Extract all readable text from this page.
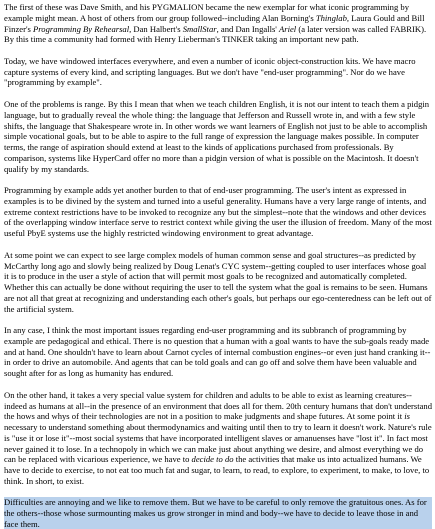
The first of these was Dave Smith, and his PYGMALION became the new exemplar for what iconic programming by example might mean. A host of others from our group followed--including Alan Borning's Thinglab, Laura Gould and Bill Finzer's Programming By Rehearsal, Dan Halbert's SmallStar, and Dan Ingalls' Ariel (a later version was called FABRIK). By this time a community had formed with Henry Lieberman's TINKER taking an important new path.

Today, we have windowed interfaces everywhere, and even a number of iconic object-construction kits. We have macro capture systems of every kind, and scripting languages. But we don't have "end-user programming". Nor do we have "programming by example".

One of the problems is range. By this I mean that when we teach children English, it is not our intent to teach them a pidgin language, but to gradually reveal the whole thing: the language that Jefferson and Russell wrote in, and with a few style shifts, the language that Shakespeare wrote in. In other words we want learners of English not just to be able to accomplish simple vocational goals, but to be able to aspire to the full range of expression the language makes possible. In computer terms, the range of aspiration should extend at least to the kinds of applications purchased from professionals. By comparison, systems like HyperCard offer no more than a pidgin version of what is possible on the Macintosh. It doesn't qualify by my standards.

Programming by example adds yet another burden to that of end-user programming. The user's intent as expressed in examples is to be divined by the system and turned into a useful generality. Humans have a very large range of intents, and extreme context restrictions have to be invoked to recognize any but the simplest--note that the windows and other devices of the overlapping window interface serve to restrict context while giving the user the illusion of freedom. Many of the most useful PbyE systems use the highly restricted windowing environment to great advantage.

At some point we can expect to see large complex models of human common sense and goal structures--as predicted by McCarthy long ago and slowly being realized by Doug Lenat's CYC system--getting coupled to user interfaces whose goal it is to produce in the user a style of action that will permit most goals to be recognized and automatically completed. Whether this can actually be done without requiring the user to tell the system what the goal is remains to be seen. Humans are not all that great at recognizing and understanding each other's goals, but perhaps our ego-centeredness can be left out of the artificial system.

In any case, I think the most important issues regarding end-user programming and its subbranch of programming by example are pedagogical and ethical. There is no question that a human with a goal wants to have the sub-goals ready made and at hand. One shouldn't have to learn about Carnot cycles of internal combustion engines--or even just hand cranking it--in order to drive an automobile. And agents that can be told goals and can go off and solve them have been valuable and sought after for as long as humanity has endured.

On the other hand, it takes a very special value system for children and adults to be able to exist as learning creatures--indeed as humans at all--in the presence of an environment that does all for them. 20th century humans that don't understand the hows and whys of their technologies are not in a position to make judgments and shape futures. At some point it is necessary to understand something about thermodynamics and waiting until then to try to learn it doesn't work. Nature's rule is "use it or lose it"--most social systems that have incorporated intelligent slaves or amanuenses have "lost it". In fact most never gained it to lose. In a technopoly in which we can make just about anything we desire, and almost everything we do can be replaced with vicarious experience, we have to decide to do the activities that make us into actualized humans. We have to decide to exercise, to not eat too much fat and sugar, to learn, to read, to explore, to experiment, to make, to love, to think. In short, to exist.

Difficulties are annoying and we like to remove them. But we have to be careful to only remove the gratuitous ones. As for the others--those whose surmounting makes us grow stronger in mind and body--we have to decide to leave those in and face them.
